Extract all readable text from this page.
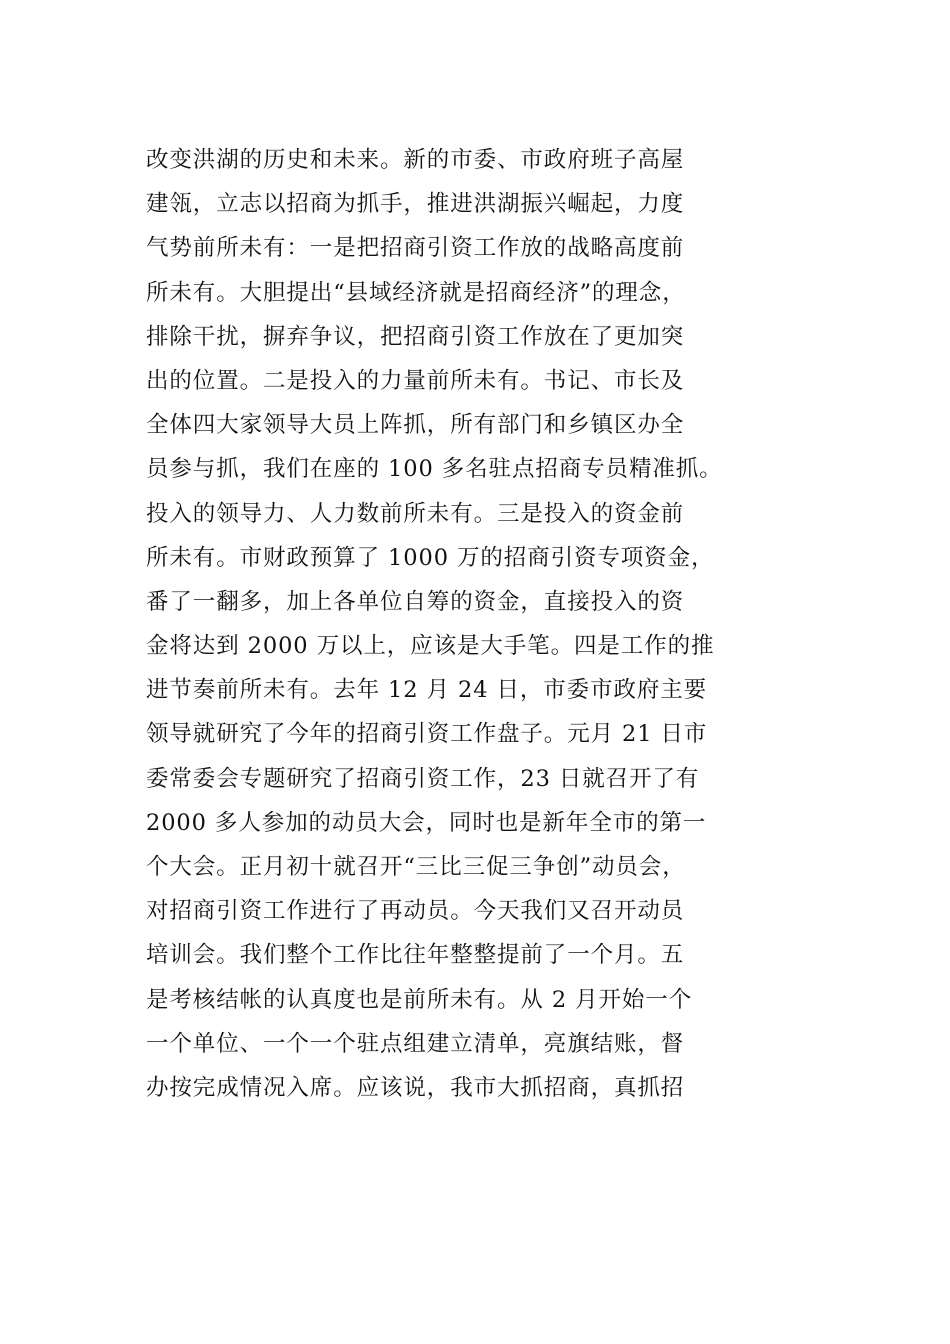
改变洪湖的历史和未来。新的市委、市政府班子高屋
建瓴，立志以招商为抓手，推进洪湖振兴崛起，力度
气势前所未有：一是把招商引资工作放的战略高度前
所未有。大胆提出“县域经济就是招商经济”的理念，
排除干扰，摒弃争议，把招商引资工作放在了更加突
出的位置。二是投入的力量前所未有。书记、市长及
全体四大家领导大员上阵抓，所有部门和乡镇区办全
员参与抓，我们在座的 100 多名驻点招商专员精准抓。
投入的领导力、人力数前所未有。三是投入的资金前
所未有。市财政预算了 1000 万的招商引资专项资金，
番了一翻多，加上各单位自筹的资金，直接投入的资
金将达到 2000 万以上，应该是大手笔。四是工作的推
进节奏前所未有。去年 12 月 24 日，市委市政府主要
领导就研究了今年的招商引资工作盘子。元月 21 日市
委常委会专题研究了招商引资工作，23 日就召开了有
2000 多人参加的动员大会，同时也是新年全市的第一
个大会。正月初十就召开“三比三促三争创”动员会，
对招商引资工作进行了再动员。今天我们又召开动员
培训会。我们整个工作比往年整整提前了一个月。五
是考核结帐的认真度也是前所未有。从 2 月开始一个
一个单位、一个一个驻点组建立清单，亮旗结账，督
办按完成情况入席。应该说，我市大抓招商，真抓招
